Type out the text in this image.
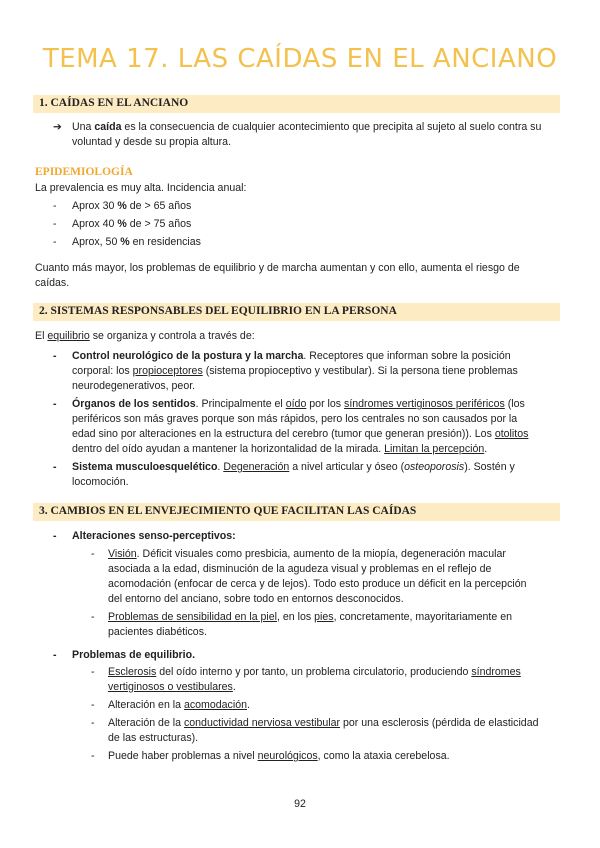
TEMA 17. LAS CAÍDAS EN EL ANCIANO
1. CAÍDAS EN EL ANCIANO
➔ Una caída es la consecuencia de cualquier acontecimiento que precipita al sujeto al suelo contra su
voluntad y desde su propia altura.
EPIDEMIOLOGÍA
La prevalencia es muy alta. Incidencia anual:
- Aprox 30 % de > 65 años
- Aprox 40 % de > 75 años
- Aprox, 50 % en residencias
Cuanto más mayor, los problemas de equilibrio y de marcha aumentan y con ello, aumenta el riesgo de
caídas.
2. SISTEMAS RESPONSABLES DEL EQUILIBRIO EN LA PERSONA
El equilibrio se organiza y controla a través de:
- Control neurológico de la postura y la marcha. Receptores que informan sobre la posición
corporal: los propioceptores (sistema propioceptivo y vestibular). Si la persona tiene problemas
neurodegenerativos, peor.
- Órganos de los sentidos. Principalmente el oído por los síndromes vertiginosos periféricos (los
periféricos son más graves porque son más rápidos, pero los centrales no son causados por la
edad sino por alteraciones en la estructura del cerebro (tumor que generan presión)). Los otolitos
dentro del oído ayudan a mantener la horizontalidad de la mirada. Limitan la percepción.
- Sistema musculoesquelético. Degeneración a nivel articular y óseo (osteoporosis). Sostén y
locomoción.
3. CAMBIOS EN EL ENVEJECIMIENTO QUE FACILITAN LAS CAÍDAS
- Alteraciones senso-perceptivos:
- Visión. Déficit visuales como presbicia, aumento de la miopía, degeneración macular
asociada a la edad, disminución de la agudeza visual y problemas en el reflejo de
acomodación (enfocar de cerca y de lejos). Todo esto produce un déficit en la percepción
del entorno del anciano, sobre todo en entornos desconocidos.
- Problemas de sensibilidad en la piel, en los pies, concretamente, mayoritariamente en
pacientes diabéticos.
- Problemas de equilibrio.
- Esclerosis del oído interno y por tanto, un problema circulatorio, produciendo síndromes
vertiginosos o vestibulares.
- Alteración en la acomodación.
- Alteración de la conductividad nerviosa vestibular por una esclerosis (pérdida de elasticidad
de las estructuras).
- Puede haber problemas a nivel neurológicos, como la ataxia cerebelosa.
92
